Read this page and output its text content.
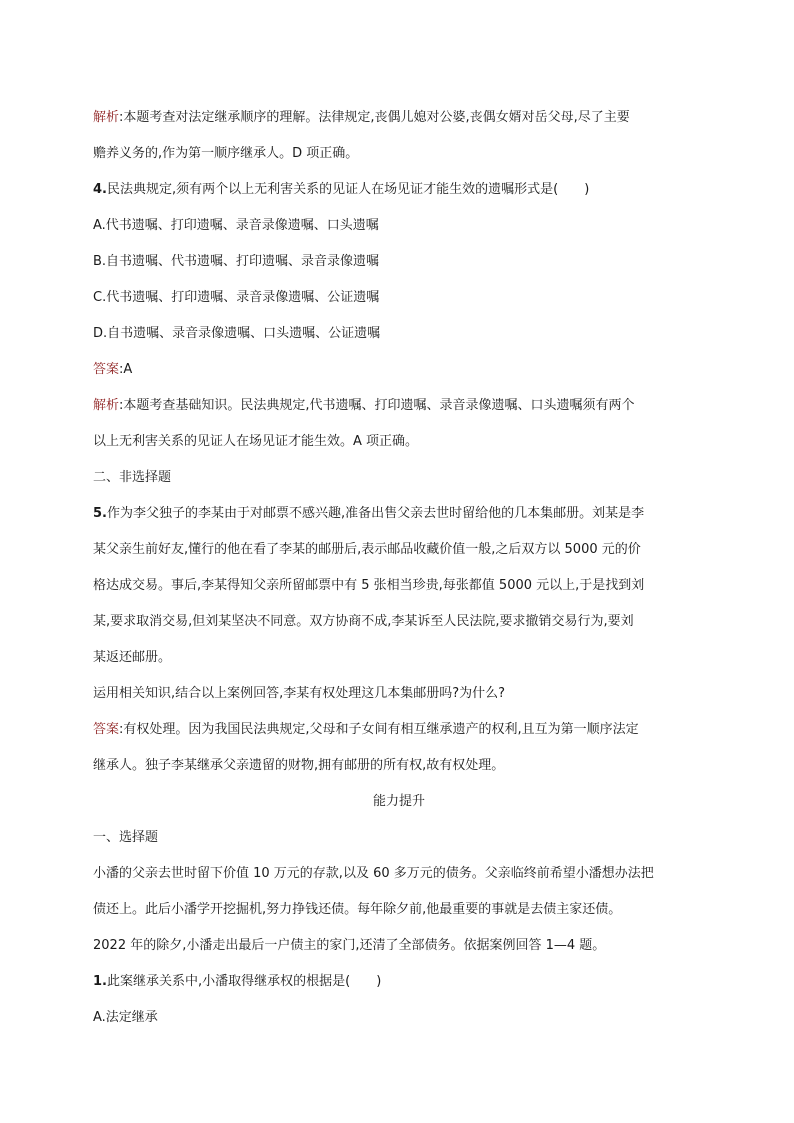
解析:本题考查对法定继承顺序的理解。法律规定,丧偶儿媳对公婆,丧偶女婿对岳父母,尽了主要
赡养义务的,作为第一顺序继承人。D 项正确。
4.民法典规定,须有两个以上无利害关系的见证人在场见证才能生效的遗嘱形式是(　　)
A.代书遗嘱、打印遗嘱、录音录像遗嘱、口头遗嘱
B.自书遗嘱、代书遗嘱、打印遗嘱、录音录像遗嘱
C.代书遗嘱、打印遗嘱、录音录像遗嘱、公证遗嘱
D.自书遗嘱、录音录像遗嘱、口头遗嘱、公证遗嘱
答案:A
解析:本题考查基础知识。民法典规定,代书遗嘱、打印遗嘱、录音录像遗嘱、口头遗嘱须有两个
以上无利害关系的见证人在场见证才能生效。A 项正确。
二、非选择题
5.作为李父独子的李某由于对邮票不感兴趣,准备出售父亲去世时留给他的几本集邮册。刘某是李
某父亲生前好友,懂行的他在看了李某的邮册后,表示邮品收藏价值一般,之后双方以 5000 元的价
格达成交易。事后,李某得知父亲所留邮票中有 5 张相当珍贵,每张都值 5000 元以上,于是找到刘
某,要求取消交易,但刘某坚决不同意。双方协商不成,李某诉至人民法院,要求撤销交易行为,要刘
某返还邮册。
运用相关知识,结合以上案例回答,李某有权处理这几本集邮册吗?为什么?
答案:有权处理。因为我国民法典规定,父母和子女间有相互继承遗产的权利,且互为第一顺序法定
继承人。独子李某继承父亲遗留的财物,拥有邮册的所有权,故有权处理。
能力提升
一、选择题
小潘的父亲去世时留下价值 10 万元的存款,以及 60 多万元的债务。父亲临终前希望小潘想办法把
债还上。此后小潘学开挖掘机,努力挣钱还债。每年除夕前,他最重要的事就是去债主家还债。
2022 年的除夕,小潘走出最后一户债主的家门,还清了全部债务。依据案例回答 1—4 题。
1.此案继承关系中,小潘取得继承权的根据是(　　)
A.法定继承
